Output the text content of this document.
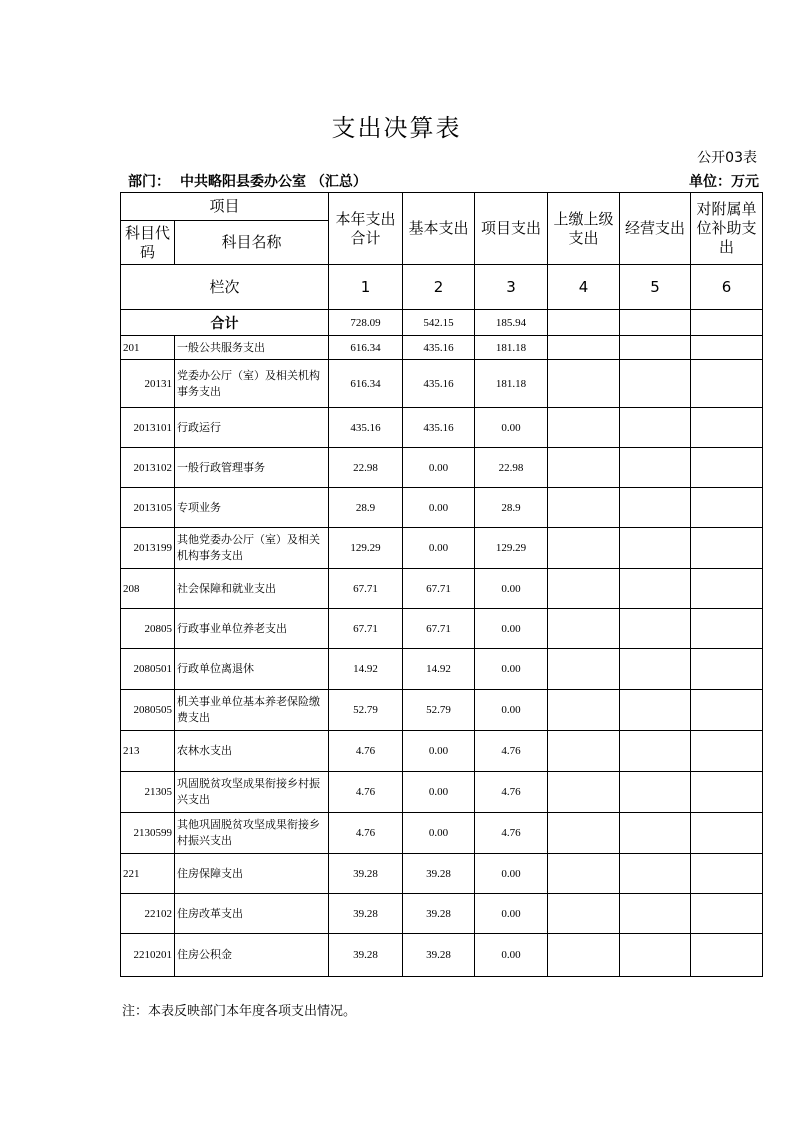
支出决算表
公开03表
部门： 中共略阳县委办公室 （汇总）	单位：万元
项目		本年支出合计	基本支出	项目支出	上缴上级支出	经营支出	对附属单位补助支出
科目代码	科目名称						
栏次		1	2	3	4	5	6
合计		728.09	542.15	185.94			
201	一般公共服务支出	616.34	435.16	181.18			
20131	党委办公厅（室）及相关机构事务支出	616.34	435.16	181.18			
2013101	行政运行	435.16	435.16	0.00			
2013102	一般行政管理事务	22.98	0.00	22.98			
2013105	专项业务	28.9	0.00	28.9			
2013199	其他党委办公厅（室）及相关机构事务支出	129.29	0.00	129.29			
208	社会保障和就业支出	67.71	67.71	0.00			
20805	行政事业单位养老支出	67.71	67.71	0.00			
2080501	行政单位离退休	14.92	14.92	0.00			
2080505	机关事业单位基本养老保险缴费支出	52.79	52.79	0.00			
213	农林水支出	4.76	0.00	4.76			
21305	巩固脱贫攻坚成果衔接乡村振兴支出	4.76	0.00	4.76			
2130599	其他巩固脱贫攻坚成果衔接乡村振兴支出	4.76	0.00	4.76			
221	住房保障支出	39.28	39.28	0.00			
22102	住房改革支出	39.28	39.28	0.00			
2210201	住房公积金	39.28	39.28	0.00			
注：本表反映部门本年度各项支出情况。
